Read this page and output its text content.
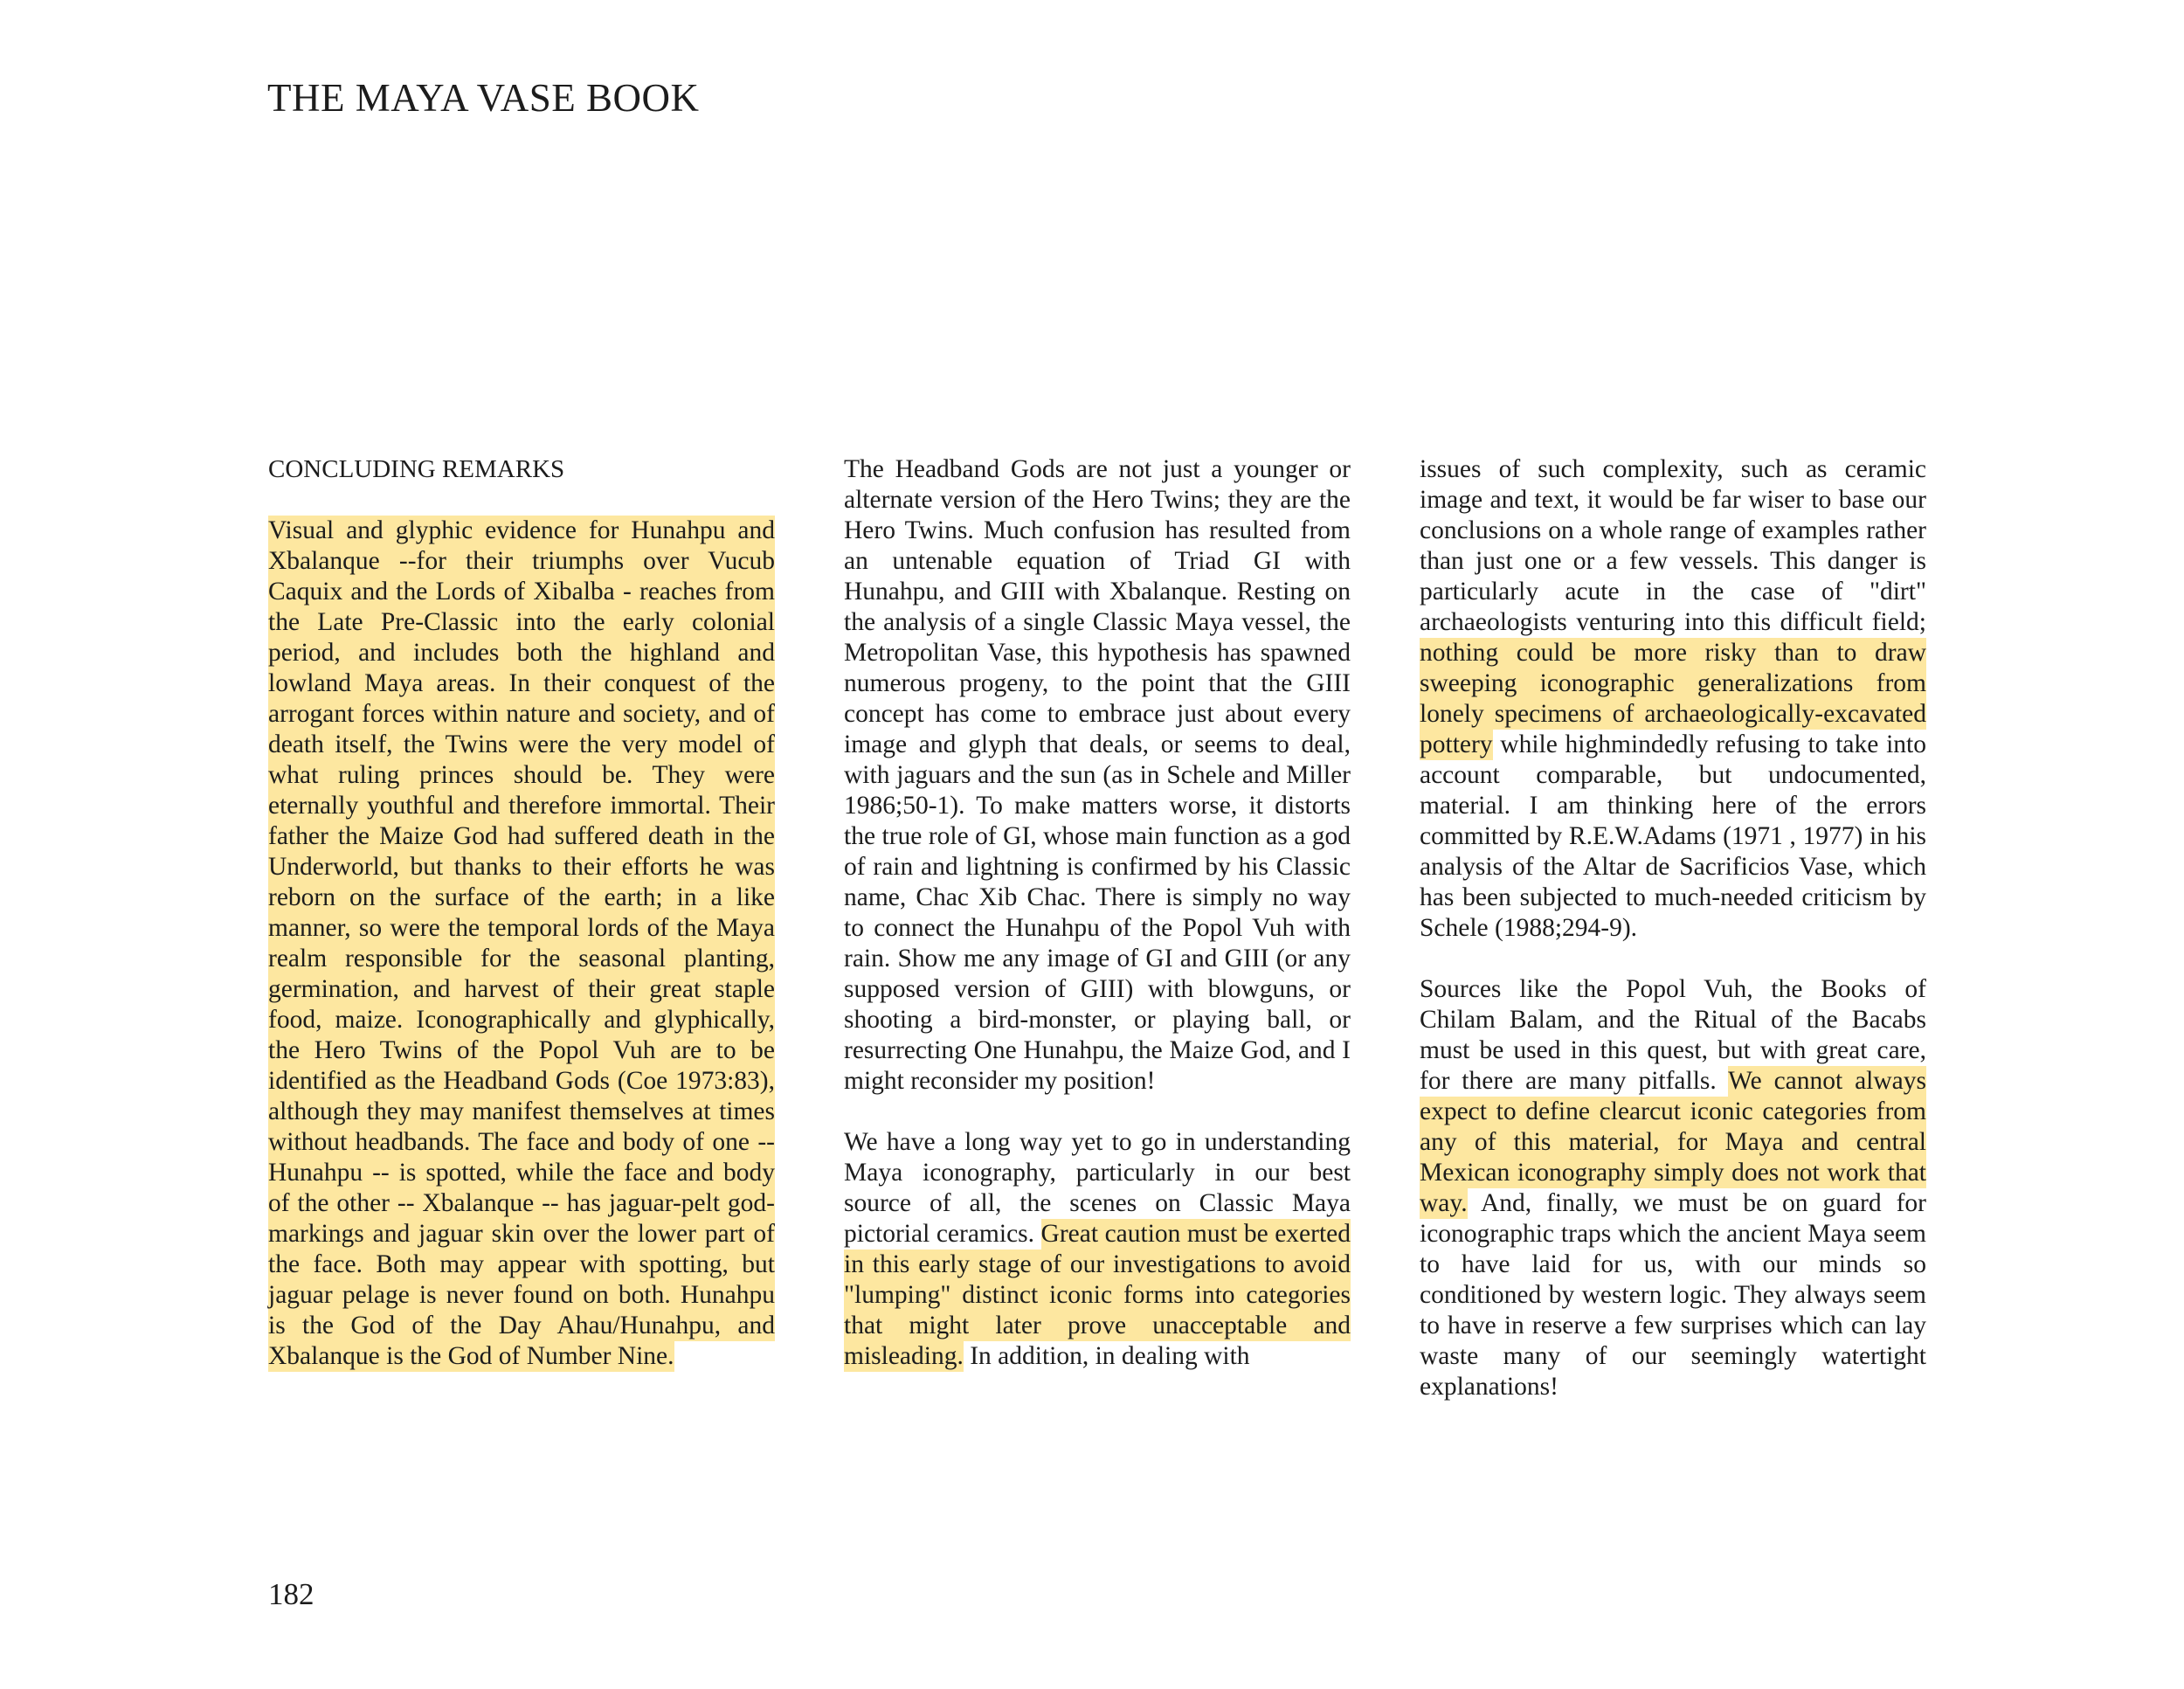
THE MAYA VASE BOOK
CONCLUDING REMARKS

Visual and glyphic evidence for Hunahpu and Xbalanque --for their triumphs over Vucub Caquix and the Lords of Xibalba - reaches from the Late Pre-Classic into the early colonial period, and includes both the highland and lowland Maya areas. In their conquest of the arrogant forces within nature and society, and of death itself, the Twins were the very model of what ruling princes should be. They were eternally youthful and therefore immortal. Their father the Maize God had suffered death in the Underworld, but thanks to their efforts he was reborn on the surface of the earth; in a like manner, so were the temporal lords of the Maya realm responsible for the seasonal planting, germination, and harvest of their great staple food, maize. Iconographically and glyphically, the Hero Twins of the Popol Vuh are to be identified as the Headband Gods (Coe 1973:83), although they may manifest themselves at times without headbands. The face and body of one -- Hunahpu -- is spotted, while the face and body of the other -- Xbalanque -- has jaguar-pelt god-markings and jaguar skin over the lower part of the face. Both may appear with spotting, but jaguar pelage is never found on both. Hunahpu is the God of the Day Ahau/Hunahpu, and Xbalanque is the God of Number Nine.

The Headband Gods are not just a younger or alternate version of the Hero Twins; they are the Hero Twins. Much confusion has resulted from an untenable equation of Triad GI with Hunahpu, and GIII with Xbalanque. Resting on the analysis of a single Classic Maya vessel, the Metropolitan Vase, this hypothesis has spawned numerous progeny, to the point that the GIII concept has come to embrace just about every image and glyph that deals, or seems to deal, with jaguars and the sun (as in Schele and Miller 1986;50-1). To make matters worse, it distorts the true role of GI, whose main function as a god of rain and lightning is confirmed by his Classic name, Chac Xib Chac. There is simply no way to connect the Hunahpu of the Popol Vuh with rain. Show me any image of GI and GIII (or any supposed version of GIII) with blowguns, or shooting a bird-monster, or playing ball, or resurrecting One Hunahpu, the Maize God, and I might reconsider my position!

We have a long way yet to go in understanding Maya iconography, particularly in our best source of all, the scenes on Classic Maya pictorial ceramics. Great caution must be exerted in this early stage of our investigations to avoid "lumping" distinct iconic forms into categories that might later prove unacceptable and misleading. In addition, in dealing with

issues of such complexity, such as ceramic image and text, it would be far wiser to base our conclusions on a whole range of examples rather than just one or a few vessels. This danger is particularly acute in the case of "dirt" archaeologists venturing into this difficult field; nothing could be more risky than to draw sweeping iconographic generalizations from lonely specimens of archaeologically-excavated pottery while highmindedly refusing to take into account comparable, but undocumented, material. I am thinking here of the errors committed by R.E.W.Adams (1971 , 1977) in his analysis of the Altar de Sacrificios Vase, which has been subjected to much-needed criticism by Schele (1988;294-9).

Sources like the Popol Vuh, the Books of Chilam Balam, and the Ritual of the Bacabs must be used in this quest, but with great care, for there are many pitfalls. We cannot always expect to define clearcut iconic categories from any of this material, for Maya and central Mexican iconography simply does not work that way. And, finally, we must be on guard for iconographic traps which the ancient Maya seem to have laid for us, with our minds so conditioned by western logic. They always seem to have in reserve a few surprises which can lay waste many of our seemingly watertight explanations!

182
